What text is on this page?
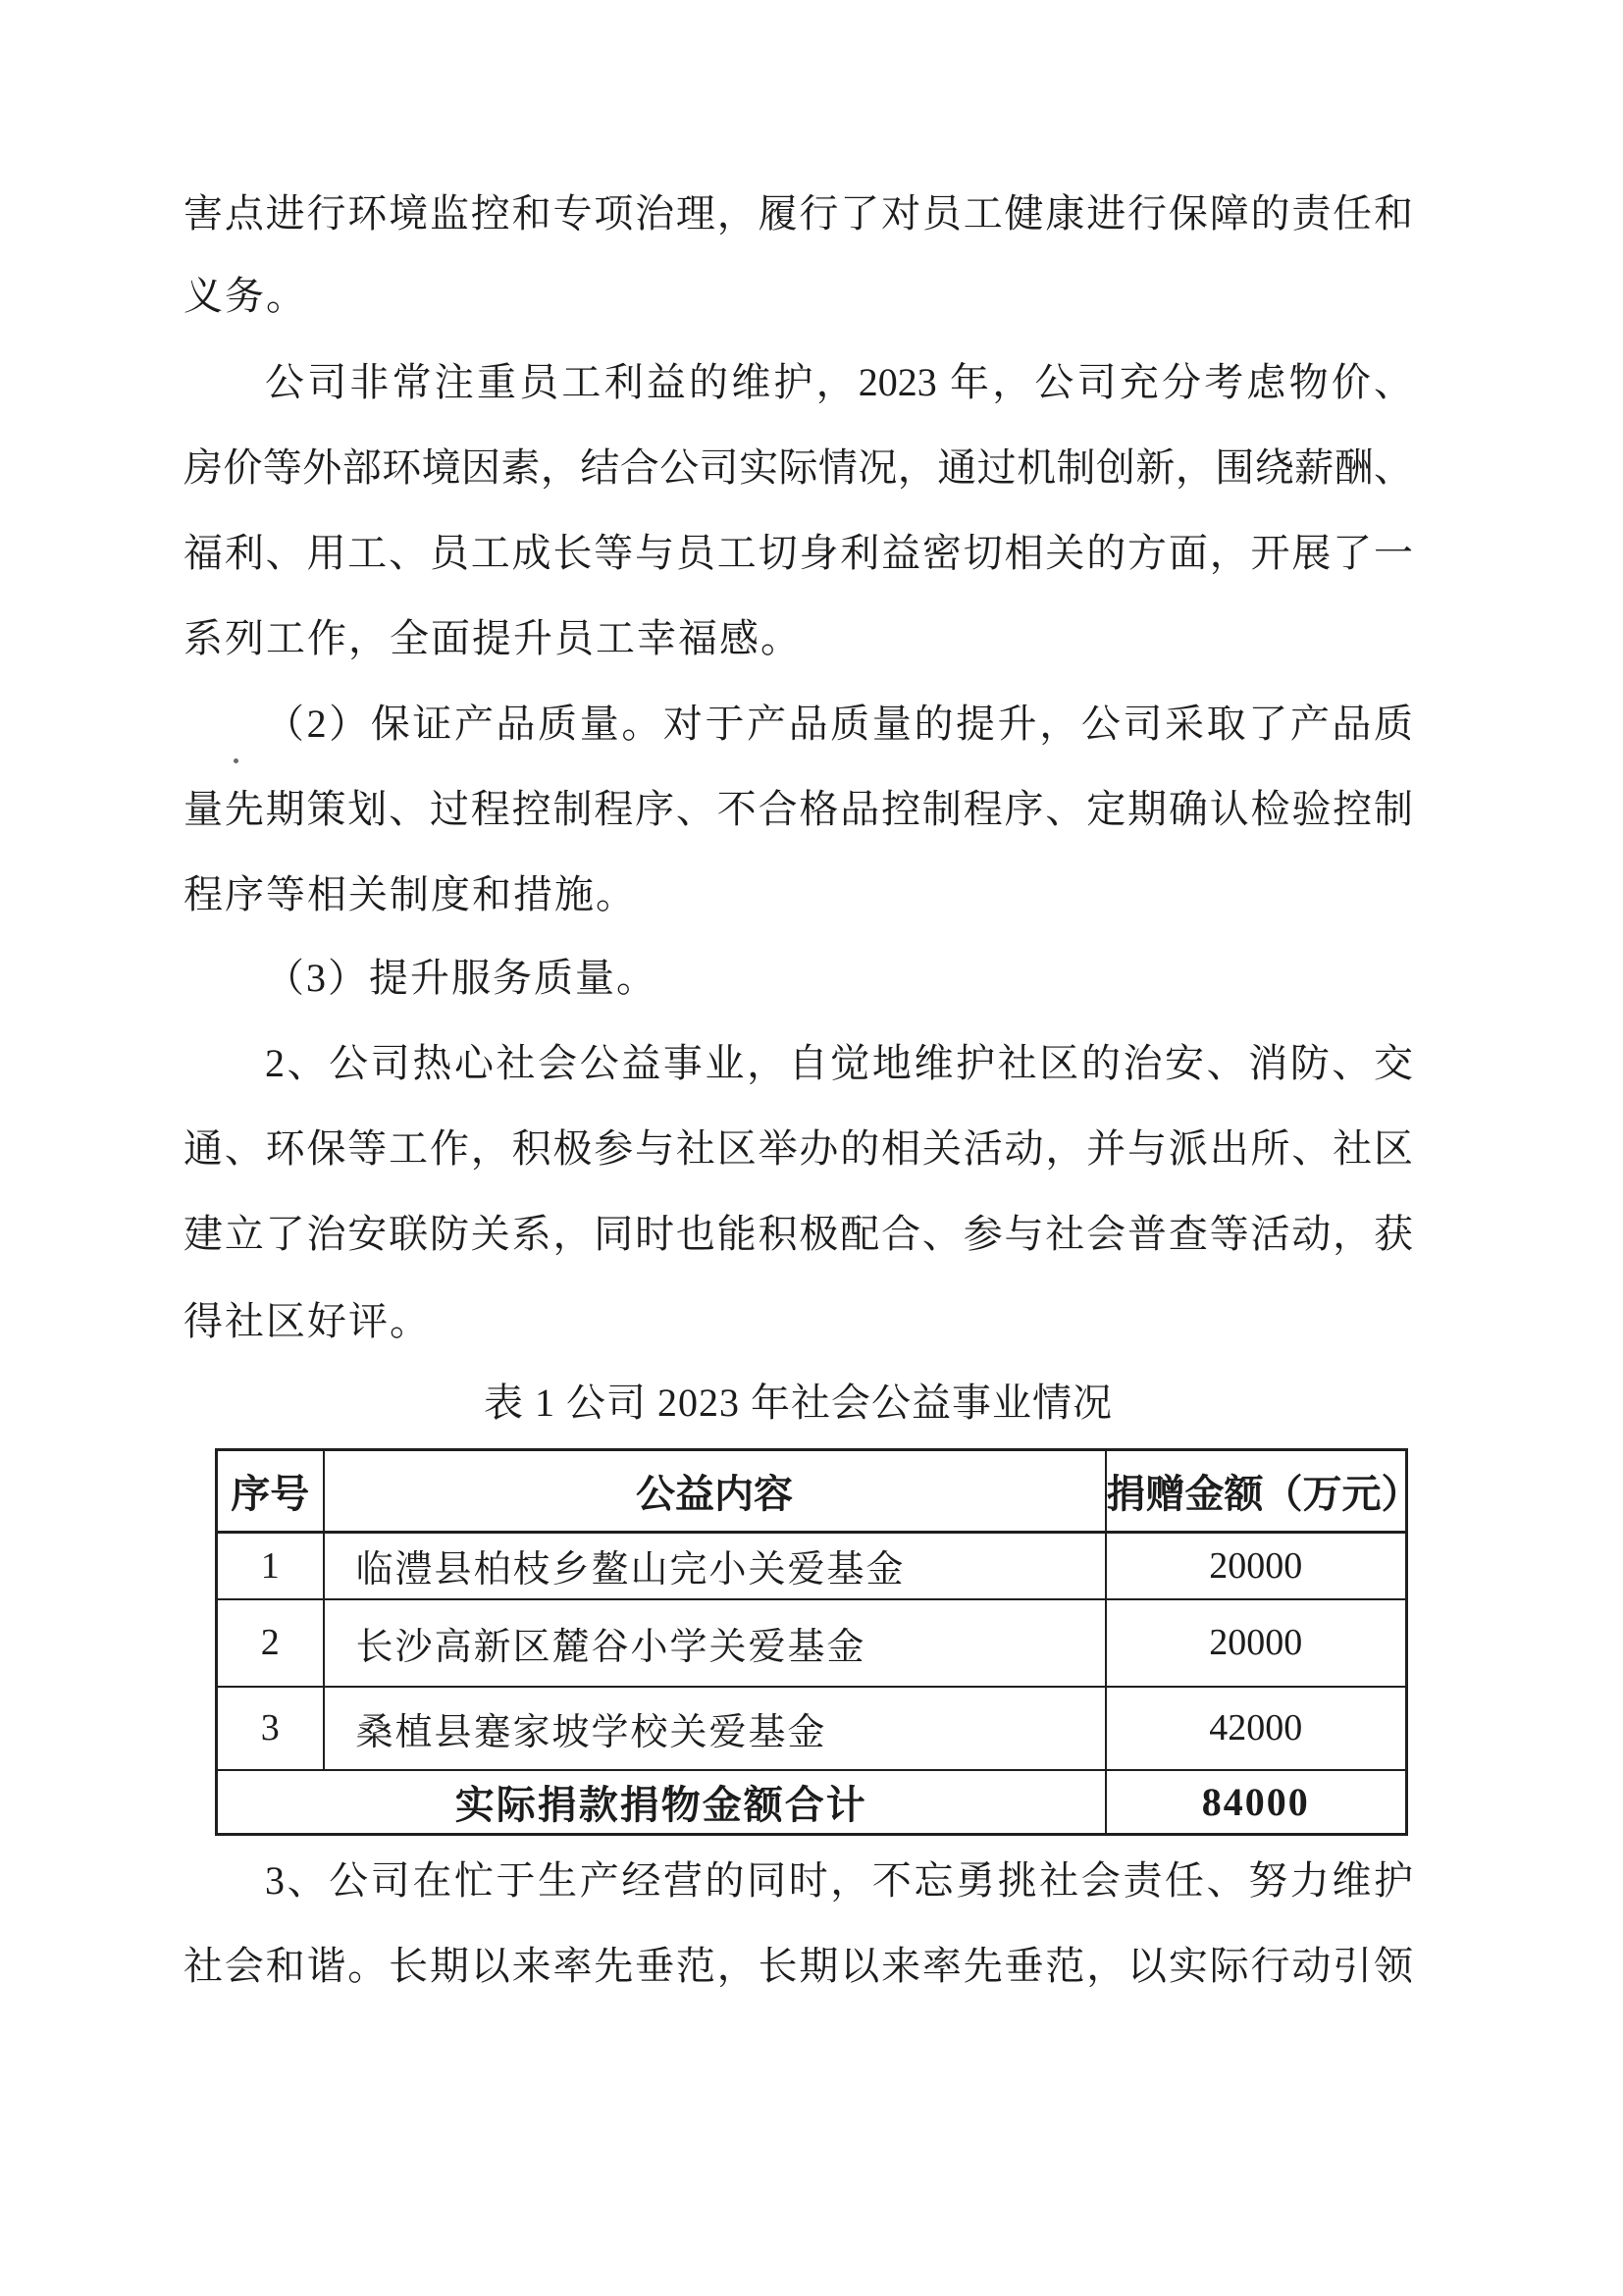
害点进行环境监控和专项治理，履行了对员工健康进行保障的责任和
义务。
公司非常注重员工利益的维护，2023 年，公司充分考虑物价、
房价等外部环境因素，结合公司实际情况，通过机制创新，围绕薪酬、
福利、用工、员工成长等与员工切身利益密切相关的方面，开展了一
系列工作，全面提升员工幸福感。
（2）保证产品质量。对于产品质量的提升，公司采取了产品质
量先期策划、过程控制程序、不合格品控制程序、定期确认检验控制
程序等相关制度和措施。
（3）提升服务质量。
2、公司热心社会公益事业，自觉地维护社区的治安、消防、交
通、环保等工作，积极参与社区举办的相关活动，并与派出所、社区
建立了治安联防关系，同时也能积极配合、参与社会普查等活动，获
得社区好评。
表 1 公司 2023 年社会公益事业情况
序号	公益内容	捐赠金额（万元）
1	临澧县柏枝乡鳌山完小关爱基金	20000
2	长沙高新区麓谷小学关爱基金	20000
3	桑植县蹇家坡学校关爱基金	42000
实际捐款捐物金额合计		84000
3、公司在忙于生产经营的同时，不忘勇挑社会责任、努力维护
社会和谐。长期以来率先垂范，长期以来率先垂范，以实际行动引领
